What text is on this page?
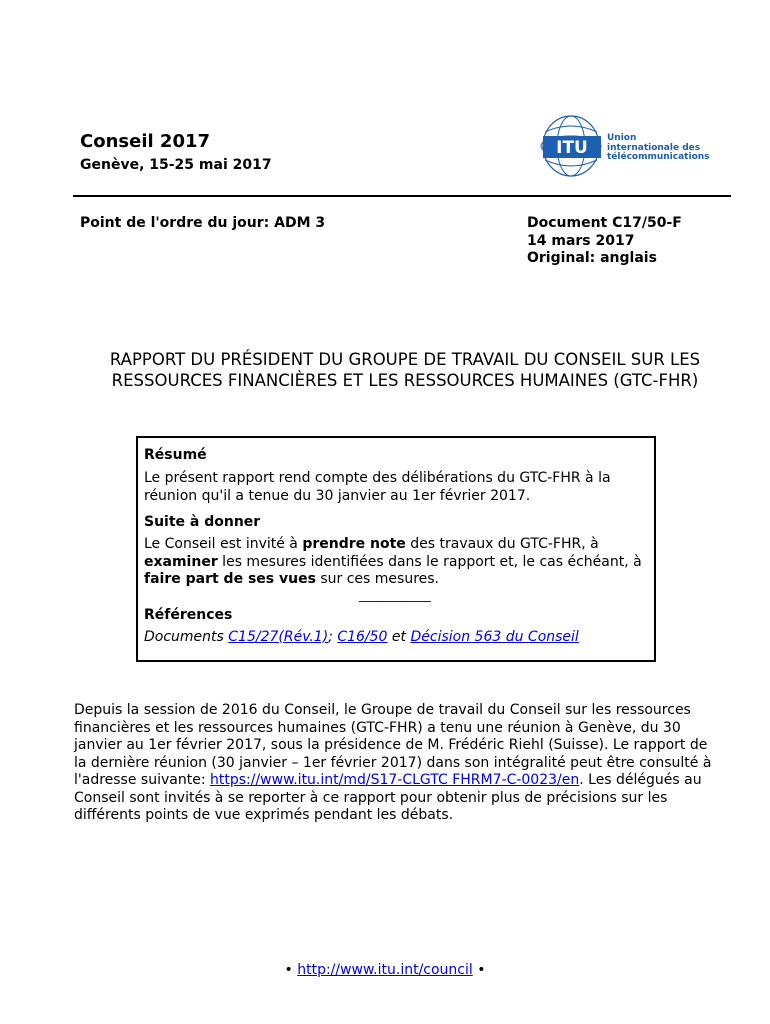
Conseil 2017
Genève, 15-25 mai 2017
ITU Union
internationale des
télécommunications
Point de l'ordre du jour: ADM 3	Document C17/50-F
14 mars 2017
Original: anglais
RAPPORT DU PRÉSIDENT DU GROUPE DE TRAVAIL DU CONSEIL SUR LES RESSOURCES FINANCIÈRES ET LES RESSOURCES HUMAINES (GTC-FHR)
Résumé

Le présent rapport rend compte des délibérations du GTC-FHR à la réunion qu'il a tenue du 30 janvier au 1er février 2017.

Suite à donner

Le Conseil est invité à prendre note des travaux du GTC-FHR, à examiner les mesures identifiées dans le rapport et, le cas échéant, à faire part de ses vues sur ces mesures.

____________

Références

Documents C15/27(Rév.1); C16/50 et Décision 563 du Conseil

Depuis la session de 2016 du Conseil, le Groupe de travail du Conseil sur les ressources financières et les ressources humaines (GTC-FHR) a tenu une réunion à Genève, du 30 janvier au 1er février 2017, sous la présidence de M. Frédéric Riehl (Suisse). Le rapport de la dernière réunion (30 janvier – 1er février 2017) dans son intégralité peut être consulté à l'adresse suivante: https://www.itu.int/md/S17-CLGTC FHRM7-C-0023/en. Les délégués au Conseil sont invités à se reporter à ce rapport pour obtenir plus de précisions sur les différents points de vue exprimés pendant les débats.
• http://www.itu.int/council •
